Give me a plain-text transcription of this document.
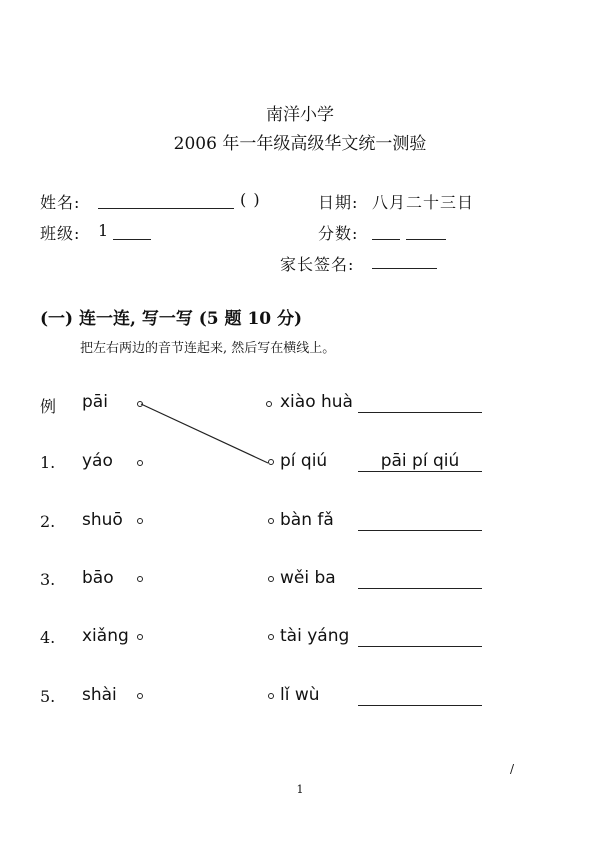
南洋小学
2006 年一年级高级华文统一测验
姓名:	( )	日期: 八月二十三日
班级: 1	分数:
家长签名:
(一) 连一连, 写一写 (5 题 10 分)
把左右两边的音节连起来, 然后写在横线上。
例 pāi	xiào huà
1. yáo	pí qiú	pāi pí qiú
2. shuō	bàn fǎ
3. bāo	wěi ba
4. xiǎng	tài yáng
5. shài	lǐ wù
/
1
